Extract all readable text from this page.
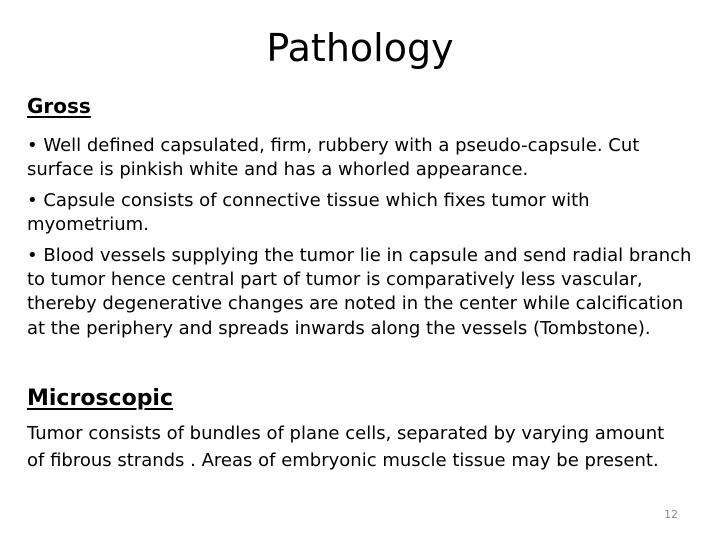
Pathology
Gross

• Well defined capsulated, firm, rubbery with a pseudo-capsule. Cut surface is pinkish white and has a whorled appearance.

• Capsule consists of connective tissue which fixes tumor with myometrium.

• Blood vessels supplying the tumor lie in capsule and send radial branch to tumor hence central part of tumor is comparatively less vascular, thereby degenerative changes are noted in the center while calcification at the periphery and spreads inwards along the vessels (Tombstone).

Microscopic

Tumor consists of bundles of plane cells, separated by varying amount of fibrous strands . Areas of embryonic muscle tissue may be present.

12
